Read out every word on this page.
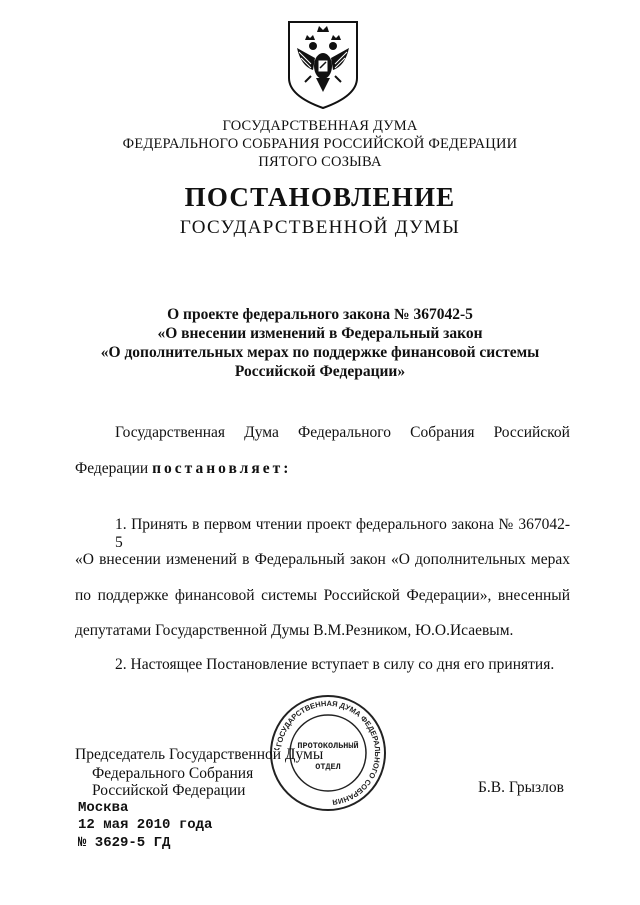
ГОСУДАРСТВЕННАЯ ДУМА
ФЕДЕРАЛЬНОГО СОБРАНИЯ РОССИЙСКОЙ ФЕДЕРАЦИИ
ПЯТОГО СОЗЫВА
ПОСТАНОВЛЕНИЕ
ГОСУДАРСТВЕННОЙ ДУМЫ
О проекте федерального закона № 367042-5
«О внесении изменений в Федеральный закон
«О дополнительных мерах по поддержке финансовой системы
Российской Федерации»
Государственная Дума Федерального Собрания Российской
Федерации постановляет:
1. Принять в первом чтении проект федерального закона № 367042-5
«О внесении изменений в Федеральный закон «О дополнительных мерах
по поддержке финансовой системы Российской Федерации», внесенный
депутатами Государственной Думы В.М.Резником, Ю.О.Исаевым.
2. Настоящее Постановление вступает в силу со дня его принятия.
ГОСУДАРСТВЕННАЯ ДУМА ФЕДЕРАЛЬНОГО СОБРАНИЯ
ПРОТОКОЛЬНЫЙ
ОТДЕЛ
Председатель Государственной Думы
Федерального Собрания
Российской Федерации	Б.В. Грызлов
Москва
12 мая 2010 года
№ 3629-5 ГД
